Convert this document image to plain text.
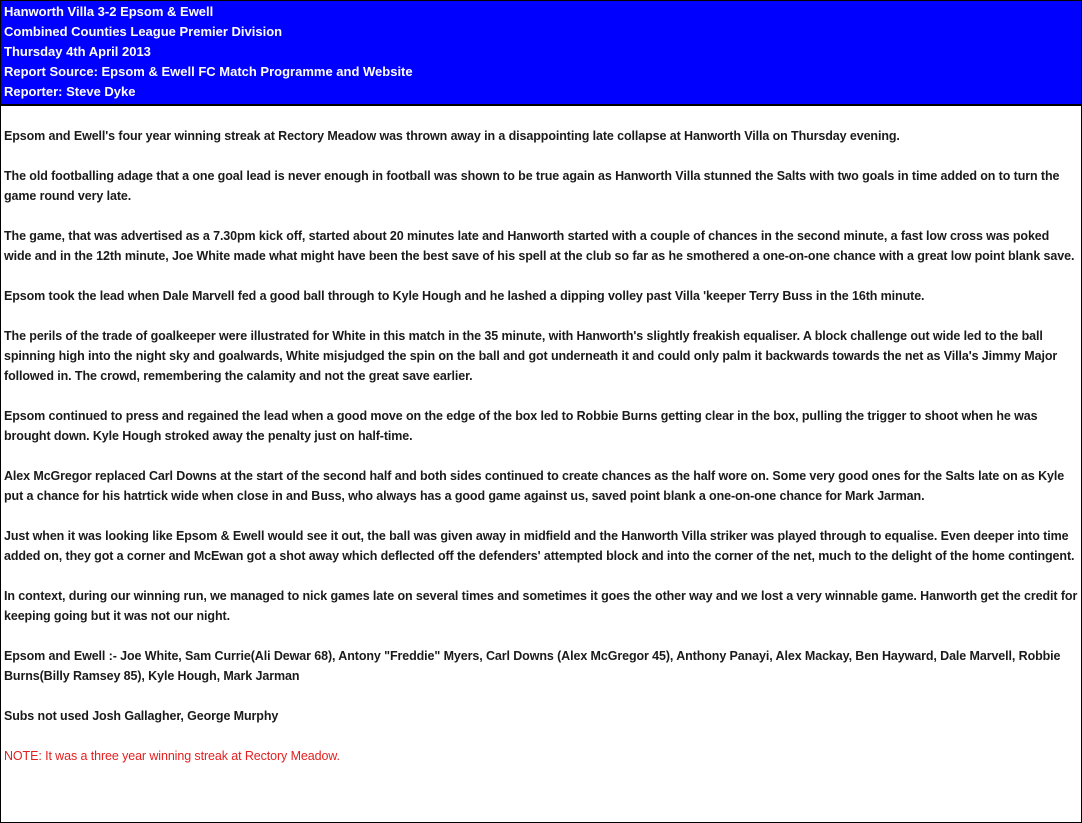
Hanworth Villa 3-2 Epsom & Ewell
Combined Counties League Premier Division
Thursday 4th April 2013
Report Source: Epsom & Ewell FC Match Programme and Website
Reporter: Steve Dyke

Epsom and Ewell's four year winning streak at Rectory Meadow was thrown away in a disappointing late collapse at Hanworth Villa on Thursday evening.

The old footballing adage that a one goal lead is never enough in football was shown to be true again as Hanworth Villa stunned the Salts with two goals in time added on to turn the game round very late.

The game, that was advertised as a 7.30pm kick off, started about 20 minutes late and Hanworth started with a couple of chances in the second minute, a fast low cross was poked wide and in the 12th minute, Joe White made what might have been the best save of his spell at the club so far as he smothered a one-on-one chance with a great low point blank save.

Epsom took the lead when Dale Marvell fed a good ball through to Kyle Hough and he lashed a dipping volley past Villa 'keeper Terry Buss in the 16th minute.

The perils of the trade of goalkeeper were illustrated for White in this match in the 35 minute, with Hanworth's slightly freakish equaliser. A block challenge out wide led to the ball spinning high into the night sky and goalwards, White misjudged the spin on the ball and got underneath it and could only palm it backwards towards the net as Villa's Jimmy Major followed in. The crowd, remembering the calamity and not the great save earlier.

Epsom continued to press and regained the lead when a good move on the edge of the box led to Robbie Burns getting clear in the box, pulling the trigger to shoot when he was brought down. Kyle Hough stroked away the penalty just on half-time.

Alex McGregor replaced Carl Downs at the start of the second half and both sides continued to create chances as the half wore on. Some very good ones for the Salts late on as Kyle put a chance for his hatrtick wide when close in and Buss, who always has a good game against us, saved point blank a one-on-one chance for Mark Jarman.

Just when it was looking like Epsom & Ewell would see it out, the ball was given away in midfield and the Hanworth Villa striker was played through to equalise. Even deeper into time added on, they got a corner and McEwan got a shot away which deflected off the defenders' attempted block and into the corner of the net, much to the delight of the home contingent.

In context, during our winning run, we managed to nick games late on several times and sometimes it goes the other way and we lost a very winnable game. Hanworth get the credit for keeping going but it was not our night.

Epsom and Ewell :- Joe White, Sam Currie(Ali Dewar 68), Antony "Freddie" Myers, Carl Downs (Alex McGregor 45), Anthony Panayi, Alex Mackay, Ben Hayward, Dale Marvell, Robbie Burns(Billy Ramsey 85), Kyle Hough, Mark Jarman

Subs not used Josh Gallagher, George Murphy

NOTE: It was a three year winning streak at Rectory Meadow.
